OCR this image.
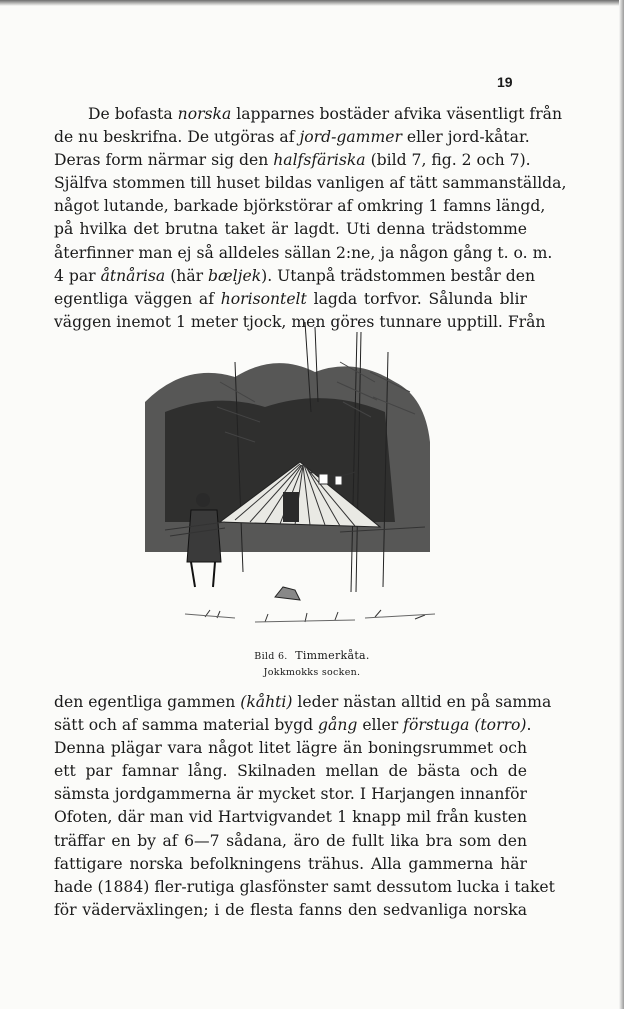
19
De bofasta norska lapparnes bostäder afvika väsentligt från
de nu beskrifna. De utgöras af jord-gammer eller jord-kåtar.
Deras form närmar sig den halfsfäriska (bild 7, fig. 2 och 7).
Själfva stommen till huset bildas vanligen af tätt sammanställda,
något lutande, barkade björkstörar af omkring 1 famns längd,
på hvilka det brutna taket är lagdt. Uti denna trädstomme
återfinner man ej så alldeles sällan 2:ne, ja någon gång t. o. m.
4 par åtnårisa (här bæljek). Utanpå trädstommen består den
egentliga väggen af horisontelt lagda torfvor. Sålunda blir
väggen inemot 1 meter tjock, men göres tunnare upptill. Från
Bild 6. Timmerkåta.
Jokkmokks socken.
den egentliga gammen (kåhti) leder nästan alltid en på samma
sätt och af samma material bygd gång eller förstuga (torro).
Denna plägar vara något litet lägre än boningsrummet och
ett par famnar lång. Skilnaden mellan de bästa och de
sämsta jordgammerna är mycket stor. I Harjangen innanför
Ofoten, där man vid Hartvigvandet 1 knapp mil från kusten
träffar en by af 6—7 sådana, äro de fullt lika bra som den
fattigare norska befolkningens trähus. Alla gammerna här
hade (1884) fler-rutiga glasfönster samt dessutom lucka i taket
för väderväxlingen; i de flesta fanns den sedvanliga norska
